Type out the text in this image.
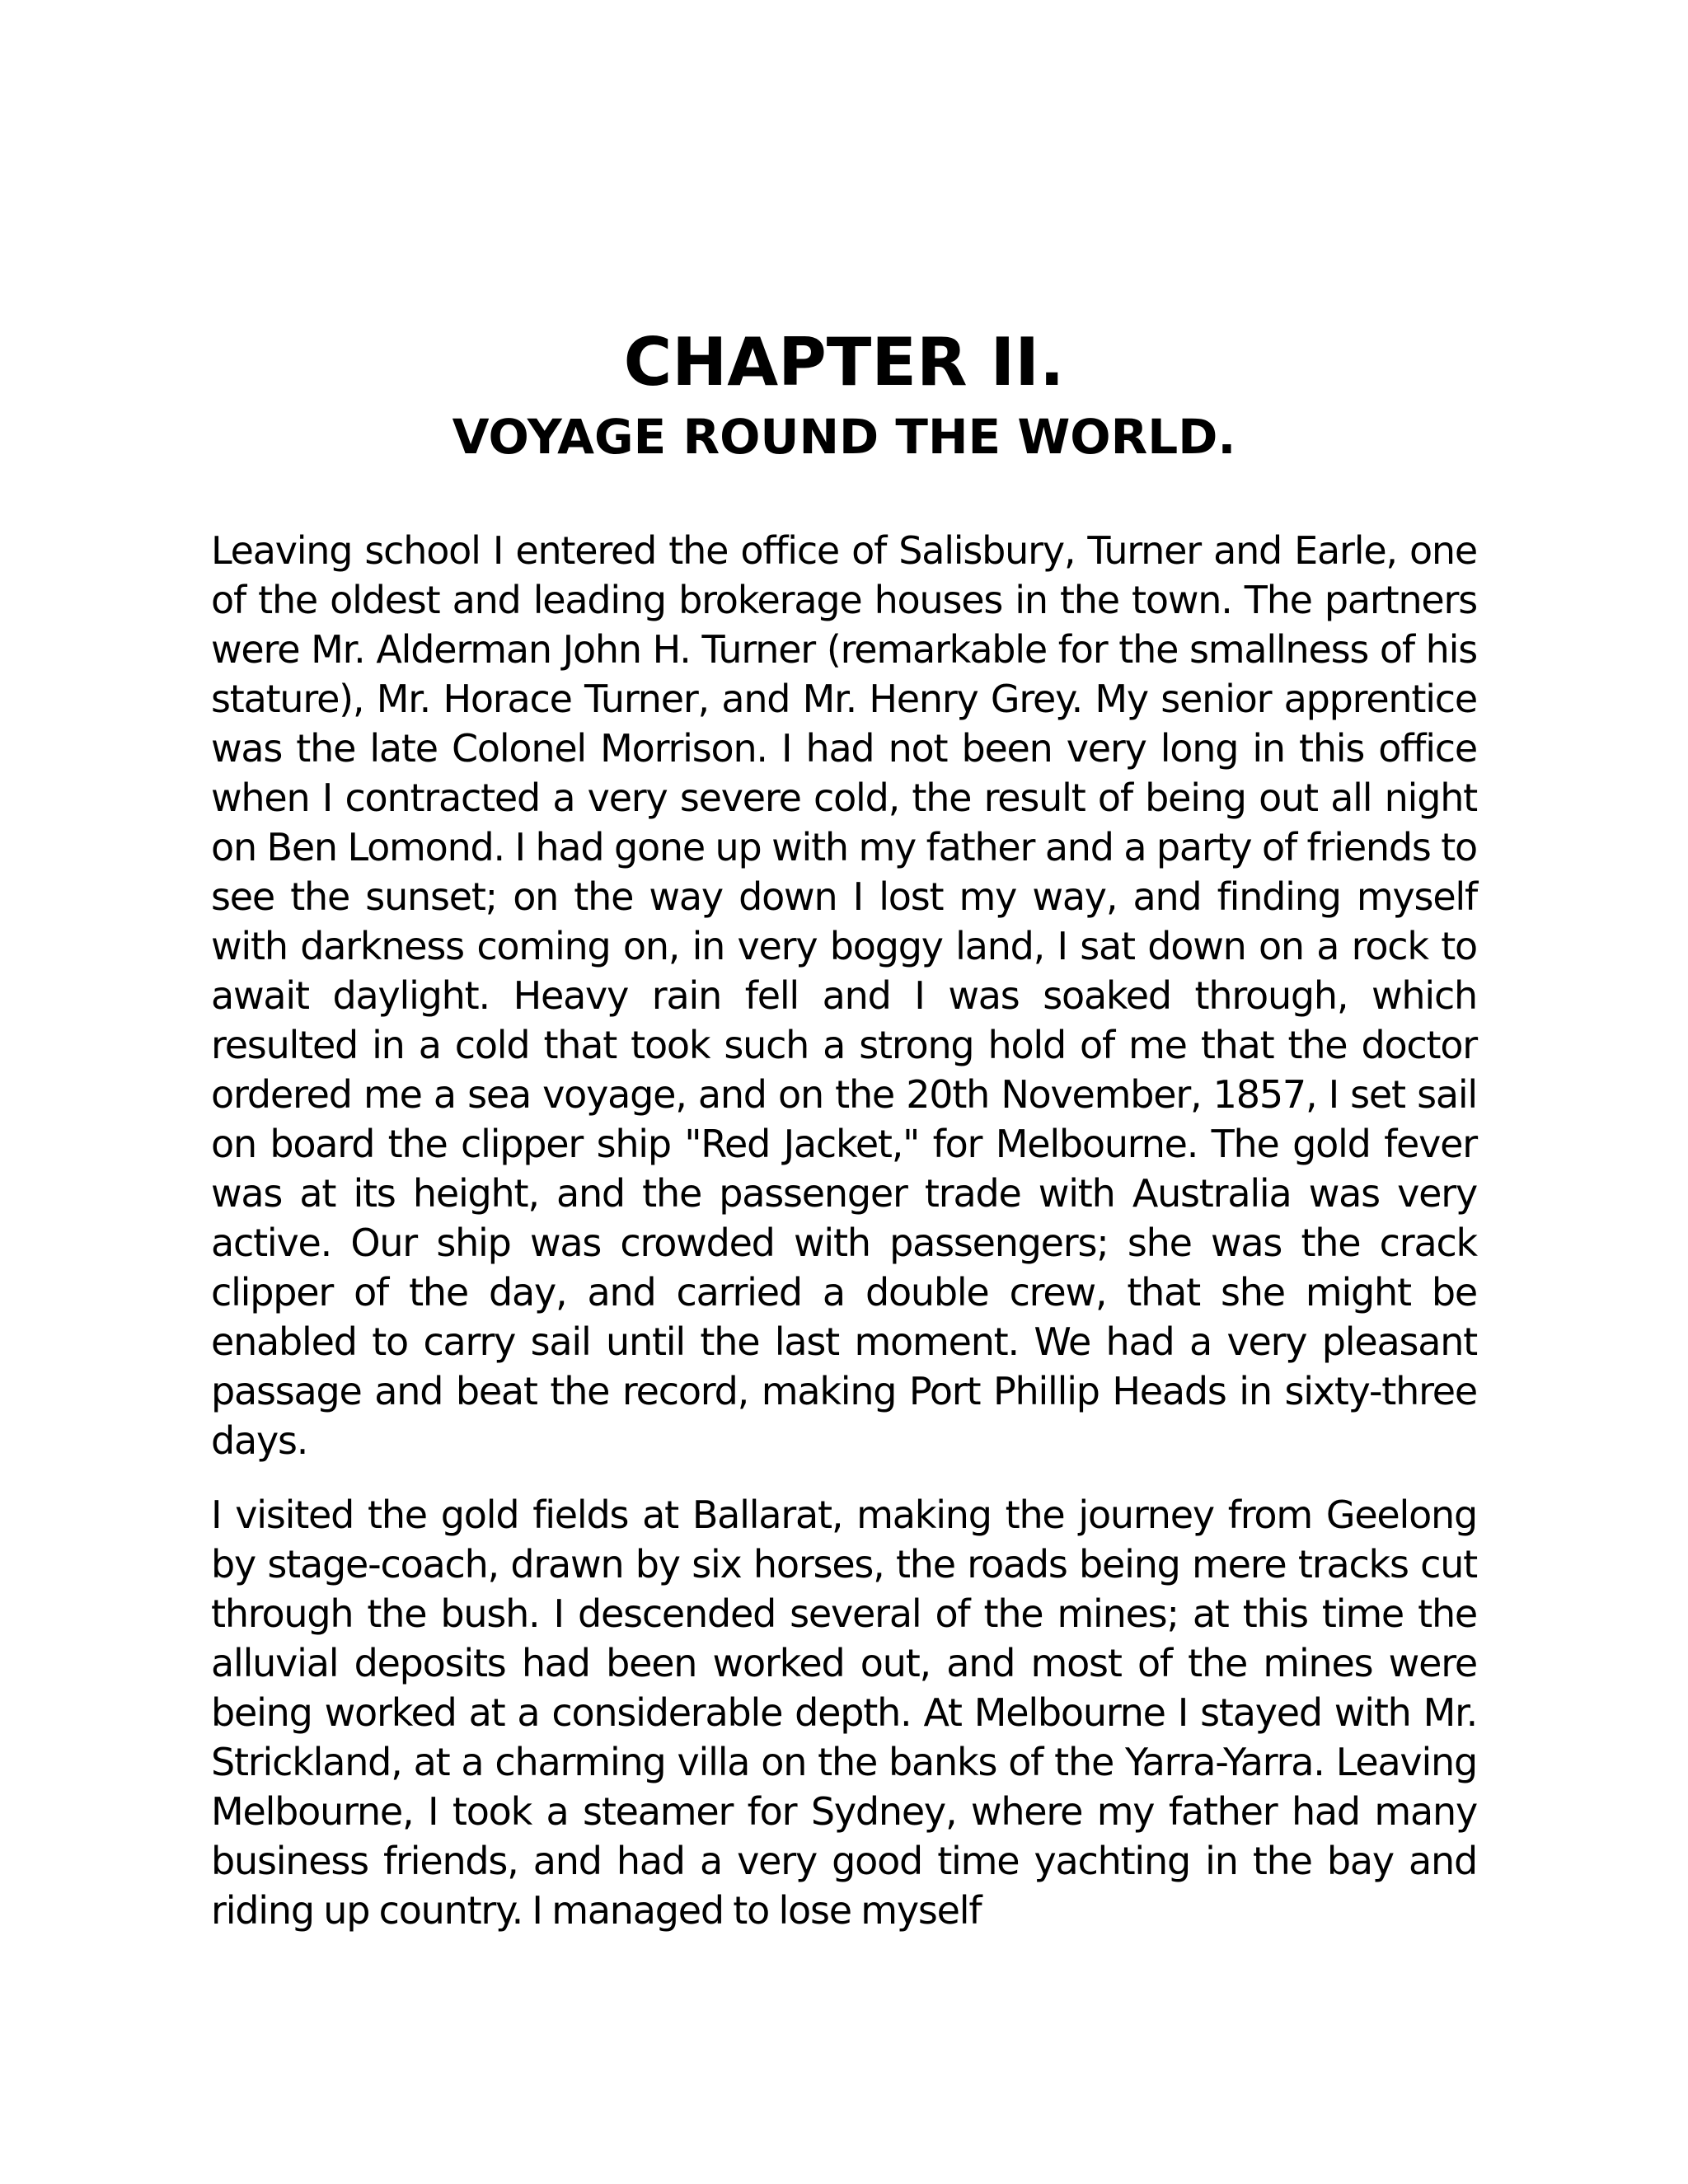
CHAPTER II.
VOYAGE ROUND THE WORLD.

Leaving school I entered the office of Salisbury, Turner and Earle, one of the oldest and leading brokerage houses in the town. The partners were Mr. Alderman John H. Turner (remarkable for the smallness of his stature), Mr. Horace Turner, and Mr. Henry Grey. My senior apprentice was the late Colonel Morrison. I had not been very long in this office when I contracted a very severe cold, the result of being out all night on Ben Lomond. I had gone up with my father and a party of friends to see the sunset; on the way down I lost my way, and finding myself with darkness coming on, in very boggy land, I sat down on a rock to await daylight. Heavy rain fell and I was soaked through, which resulted in a cold that took such a strong hold of me that the doctor ordered me a sea voyage, and on the 20th November, 1857, I set sail on board the clipper ship "Red Jacket," for Melbourne. The gold fever was at its height, and the passenger trade with Australia was very active. Our ship was crowded with passengers; she was the crack clipper of the day, and carried a double crew, that she might be enabled to carry sail until the last moment. We had a very pleasant passage and beat the record, making Port Phillip Heads in sixty-three days.

I visited the gold fields at Ballarat, making the journey from Geelong by stage-coach, drawn by six horses, the roads being mere tracks cut through the bush. I descended several of the mines; at this time the alluvial deposits had been worked out, and most of the mines were being worked at a considerable depth. At Melbourne I stayed with Mr. Strickland, at a charming villa on the banks of the Yarra-Yarra. Leaving Melbourne, I took a steamer for Sydney, where my father had many business friends, and had a very good time yachting in the bay and riding up country. I managed to lose myself
